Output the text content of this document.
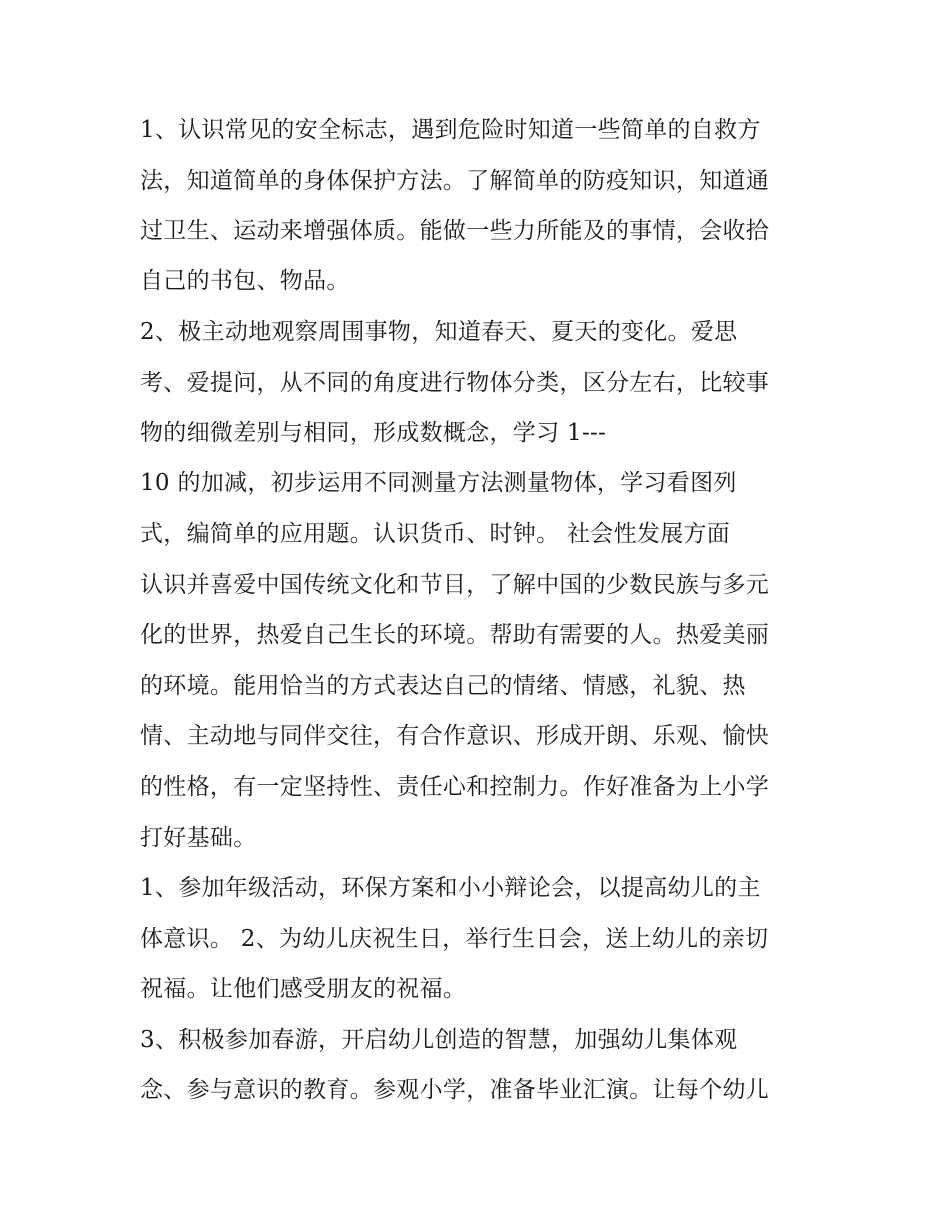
1、认识常见的安全标志，遇到危险时知道一些简单的自救方
法，知道简单的身体保护方法。了解简单的防疫知识，知道通
过卫生、运动来增强体质。能做一些力所能及的事情，会收拾
自己的书包、物品。
2、极主动地观察周围事物，知道春天、夏天的变化。爱思
考、爱提问，从不同的角度进行物体分类，区分左右，比较事
物的细微差别与相同，形成数概念，学习 1---
10 的加减，初步运用不同测量方法测量物体，学习看图列
式，编简单的应用题。认识货币、时钟。 社会性发展方面
认识并喜爱中国传统文化和节目，了解中国的少数民族与多元
化的世界，热爱自己生长的环境。帮助有需要的人。热爱美丽
的环境。能用恰当的方式表达自己的情绪、情感，礼貌、热
情、主动地与同伴交往，有合作意识、形成开朗、乐观、愉快
的性格，有一定坚持性、责任心和控制力。作好准备为上小学
打好基础。
1、参加年级活动，环保方案和小小辩论会，以提高幼儿的主
体意识。 2、为幼儿庆祝生日，举行生日会，送上幼儿的亲切
祝福。让他们感受朋友的祝福。
3、积极参加春游，开启幼儿创造的智慧，加强幼儿集体观
念、参与意识的教育。参观小学，准备毕业汇演。让每个幼儿
